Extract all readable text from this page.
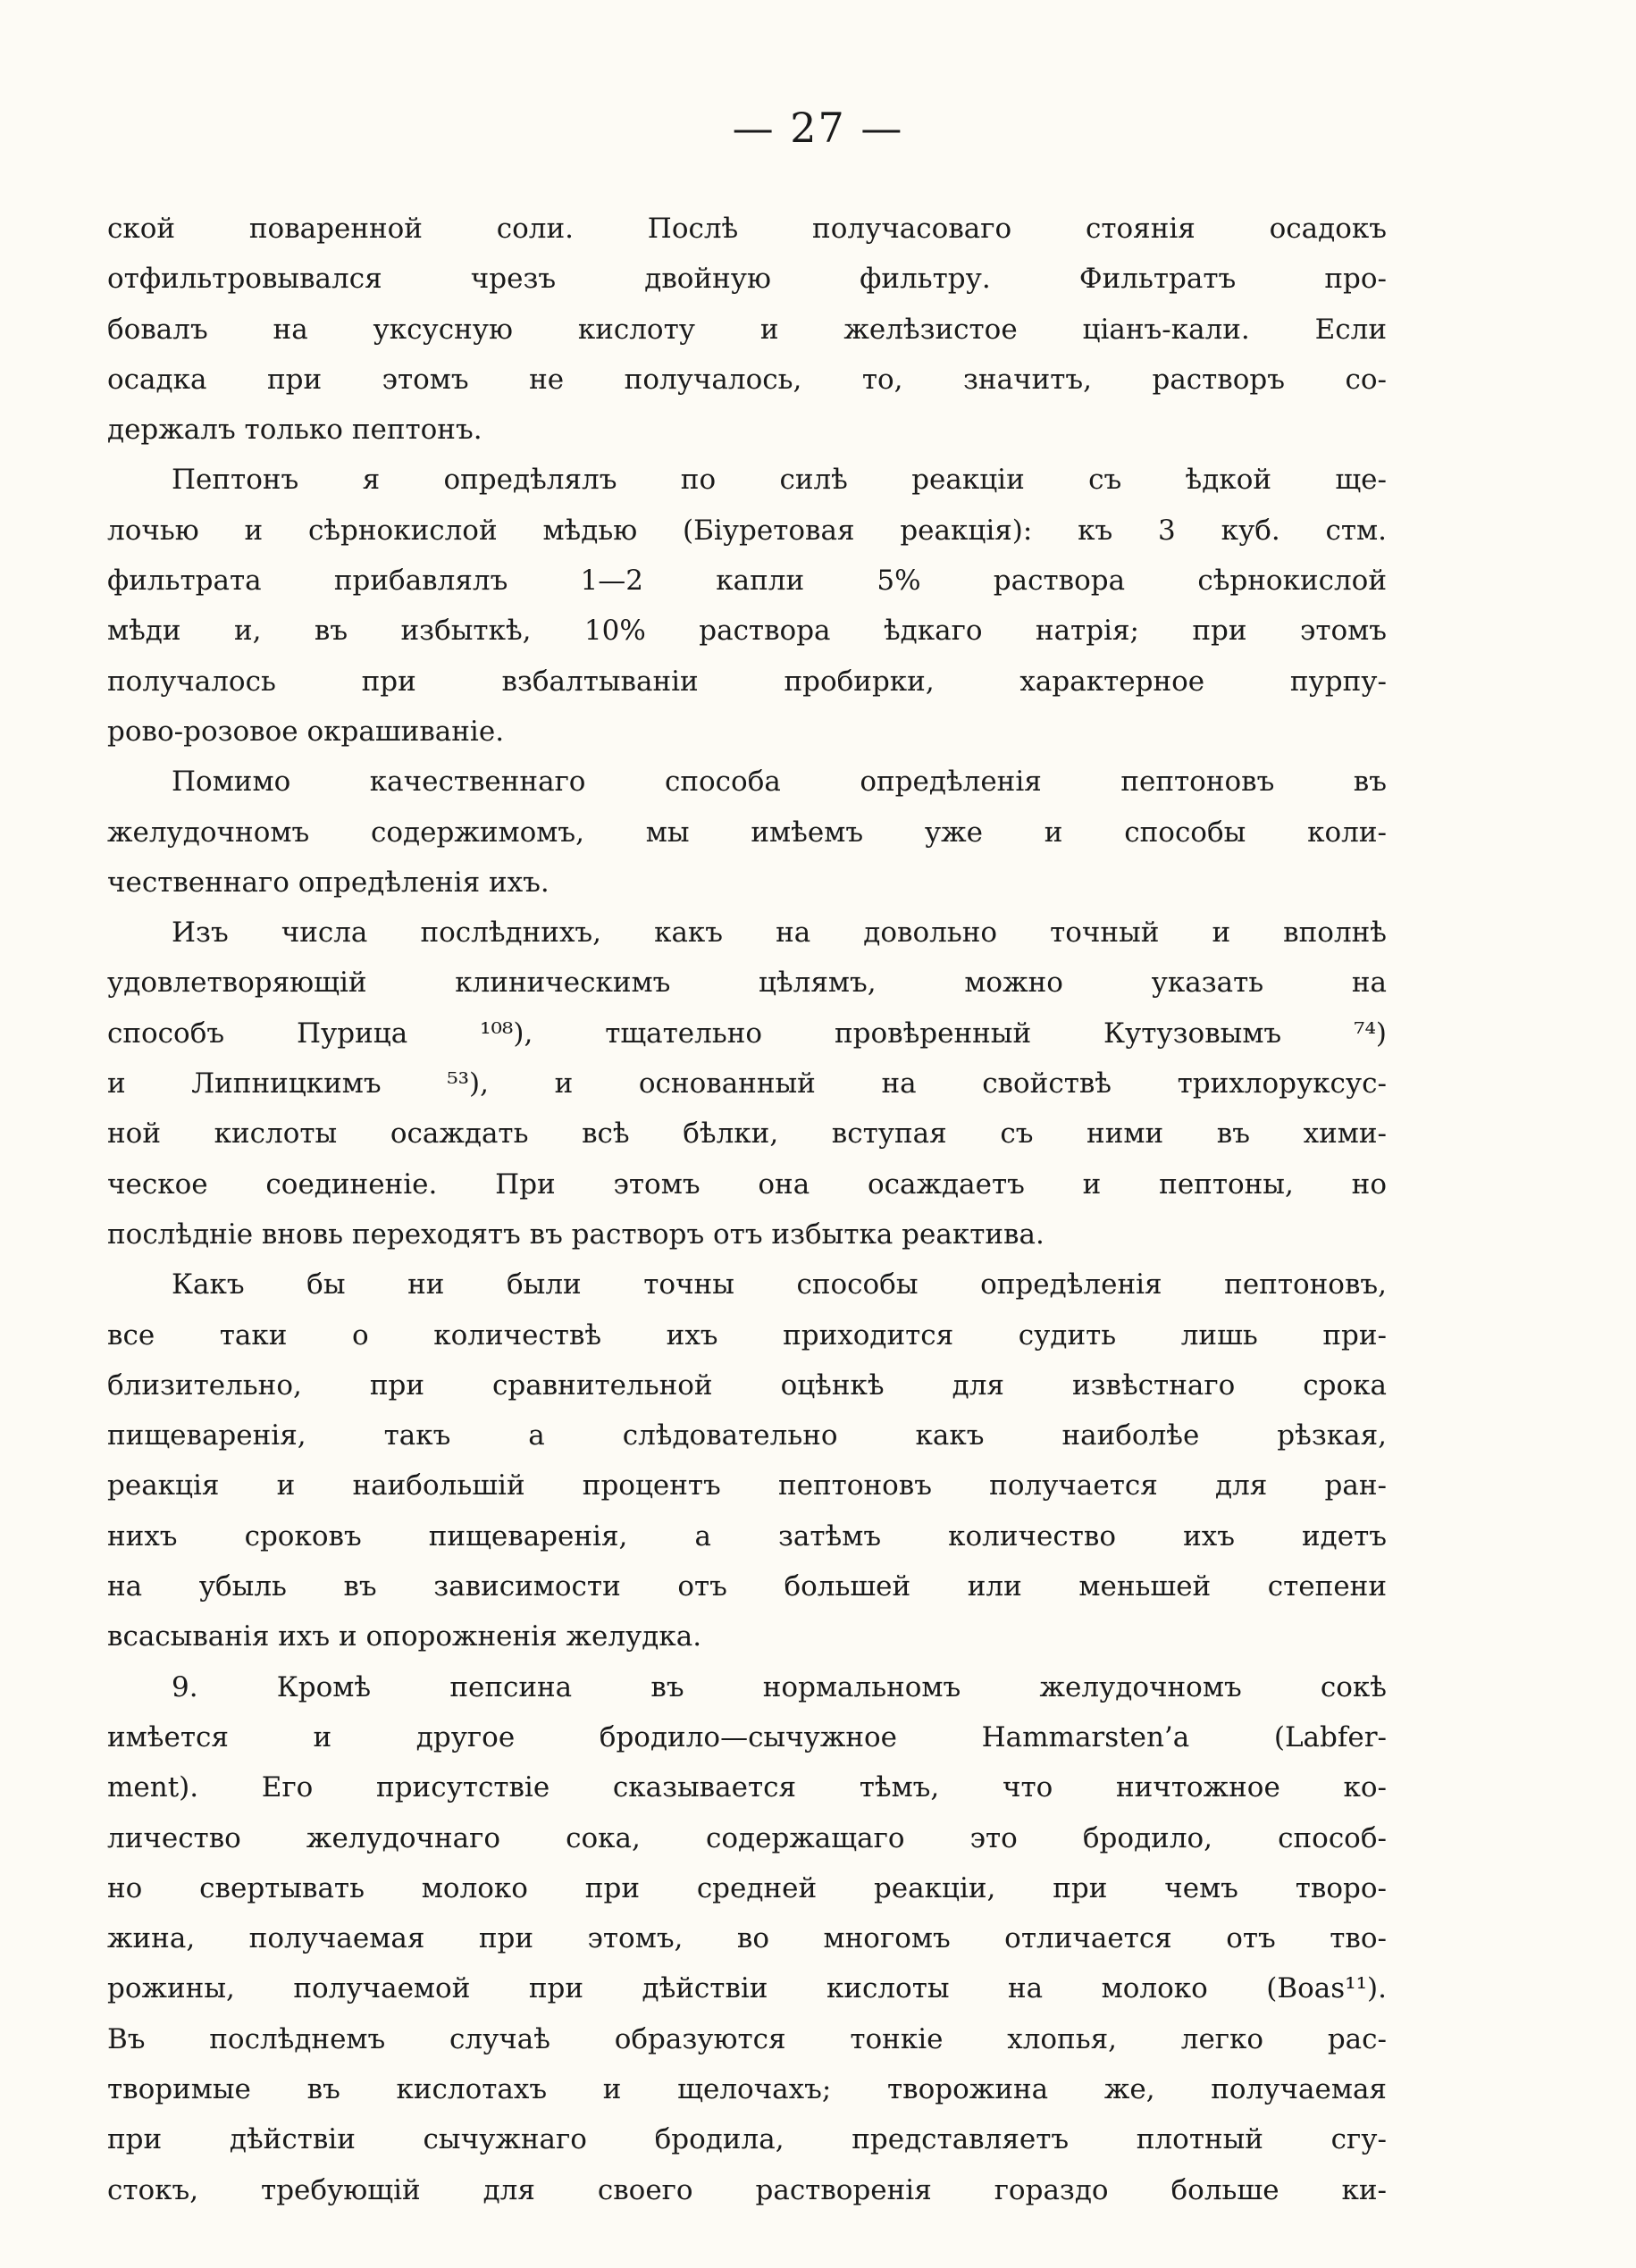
— 27 —

ской поваренной соли. Послѣ получасоваго стоянія осадокъ
отфильтровывался чрезъ двойную фильтру. Фильтратъ про-
бовалъ на уксусную кислоту и желѣзистое ціанъ-кали. Если
осадка при этомъ не получалось, то, значитъ, растворъ со-
держалъ только пептонъ.

Пептонъ я опредѣлялъ по силѣ реакціи съ ѣдкой ще-
лочью и сѣрнокислой мѣдью (Біуретовая реакція): къ 3 куб. стм.
фильтрата прибавлялъ 1—2 капли 5% раствора сѣрнокислой
мѣди и, въ избыткѣ, 10% раствора ѣдкаго натрія; при этомъ
получалось при взбалтываніи пробирки, характерное пурпу-
рово-розовое окрашиваніе.

Помимо качественнаго способа опредѣленія пептоновъ въ
желудочномъ содержимомъ, мы имѣемъ уже и способы коли-
чественнаго опредѣленія ихъ.

Изъ числа послѣднихъ, какъ на довольно точный и вполнѣ
удовлетворяющій клиническимъ цѣлямъ, можно указать на
способъ Пурица ¹⁰⁸), тщательно провѣренный Кутузовымъ ⁷⁴)
и Липницкимъ ⁵³), и основанный на свойствѣ трихлоруксус-
ной кислоты осаждать всѣ бѣлки, вступая съ ними въ хими-
ческое соединеніе. При этомъ она осаждаетъ и пептоны, но
послѣдніе вновь переходятъ въ растворъ отъ избытка реактива.

Какъ бы ни были точны способы опредѣленія пептоновъ,
все таки о количествѣ ихъ приходится судить лишь при-
близительно, при сравнительной оцѣнкѣ для извѣстнаго срока
пищеваренія, такъ а слѣдовательно какъ наиболѣе рѣзкая,
реакція и наибольшій процентъ пептоновъ получается для ран-
нихъ сроковъ пищеваренія, а затѣмъ количество ихъ идетъ
на убыль въ зависимости отъ большей или меньшей степени
всасыванія ихъ и опорожненія желудка.

9. Кромѣ пепсина въ нормальномъ желудочномъ сокѣ
имѣется и другое бродило—сычужное Hammarsten’a (Labfer-
ment). Его присутствіе сказывается тѣмъ, что ничтожное ко-
личество желудочнаго сока, содержащаго это бродило, способ-
но свертывать молоко при средней реакціи, при чемъ творо-
жина, получаемая при этомъ, во многомъ отличается отъ тво-
рожины, получаемой при дѣйствіи кислоты на молоко (Boas¹¹).
Въ послѣднемъ случаѣ образуются тонкіе хлопья, легко рас-
творимые въ кислотахъ и щелочахъ; творожина же, получаемая
при дѣйствіи сычужнаго бродила, представляетъ плотный сгу-
стокъ, требующій для своего растворенія гораздо больше ки-
